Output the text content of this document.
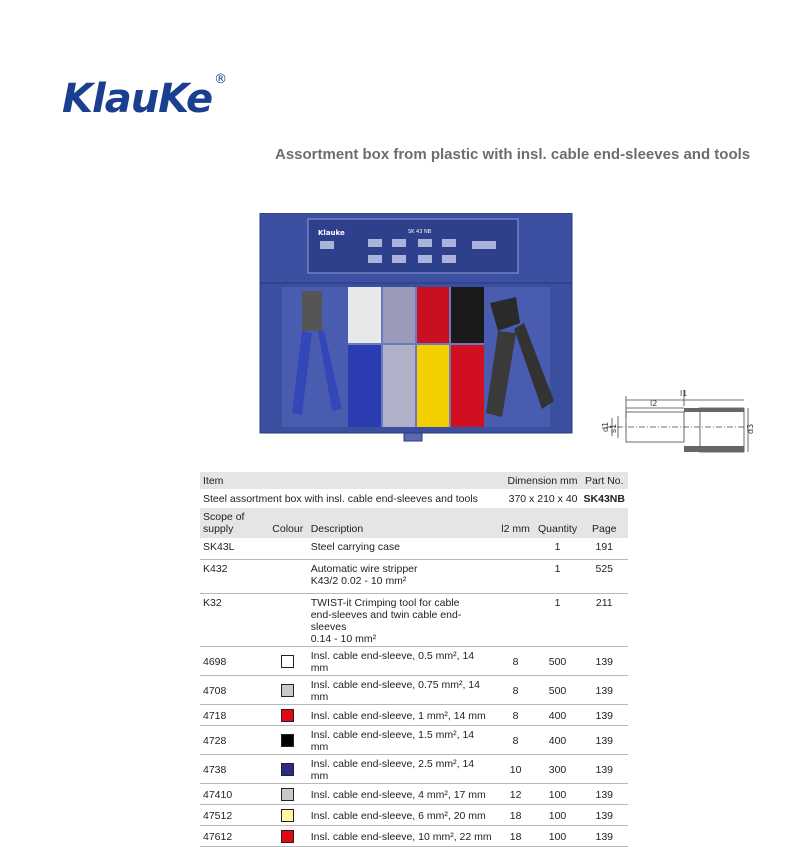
KlauKe ®
Assortment box from plastic with insl. cable end-sleeves and tools
Klauke	SK 43 NB
l1
l2
d1 s1	d3
Item			Dimension mm		Part No.
Steel assortment box with insl. cable end-sleeves and tools			370 x 210 x 40		SK43NB
Scope of supply	Colour	Description	l2 mm	Quantity	Page
SK43L		Steel carrying case		1	191
K432		Automatic wire stripper
K43/2 0.02 - 10 mm²		1	525
K32		TWIST-it Crimping tool for cable
end-sleeves and twin cable end-sleeves
0.14 - 10 mm²		1	211
4698		Insl. cable end-sleeve, 0.5 mm², 14 mm	8	500	139
4708		Insl. cable end-sleeve, 0.75 mm², 14 mm	8	500	139
4718		Insl. cable end-sleeve, 1 mm², 14 mm	8	400	139
4728		Insl. cable end-sleeve, 1.5 mm², 14 mm	8	400	139
4738		Insl. cable end-sleeve, 2.5 mm², 14 mm	10	300	139
47410		Insl. cable end-sleeve, 4 mm², 17 mm	12	100	139
47512		Insl. cable end-sleeve, 6 mm², 20 mm	18	100	139
47612		Insl. cable end-sleeve, 10 mm², 22 mm	18	100	139
